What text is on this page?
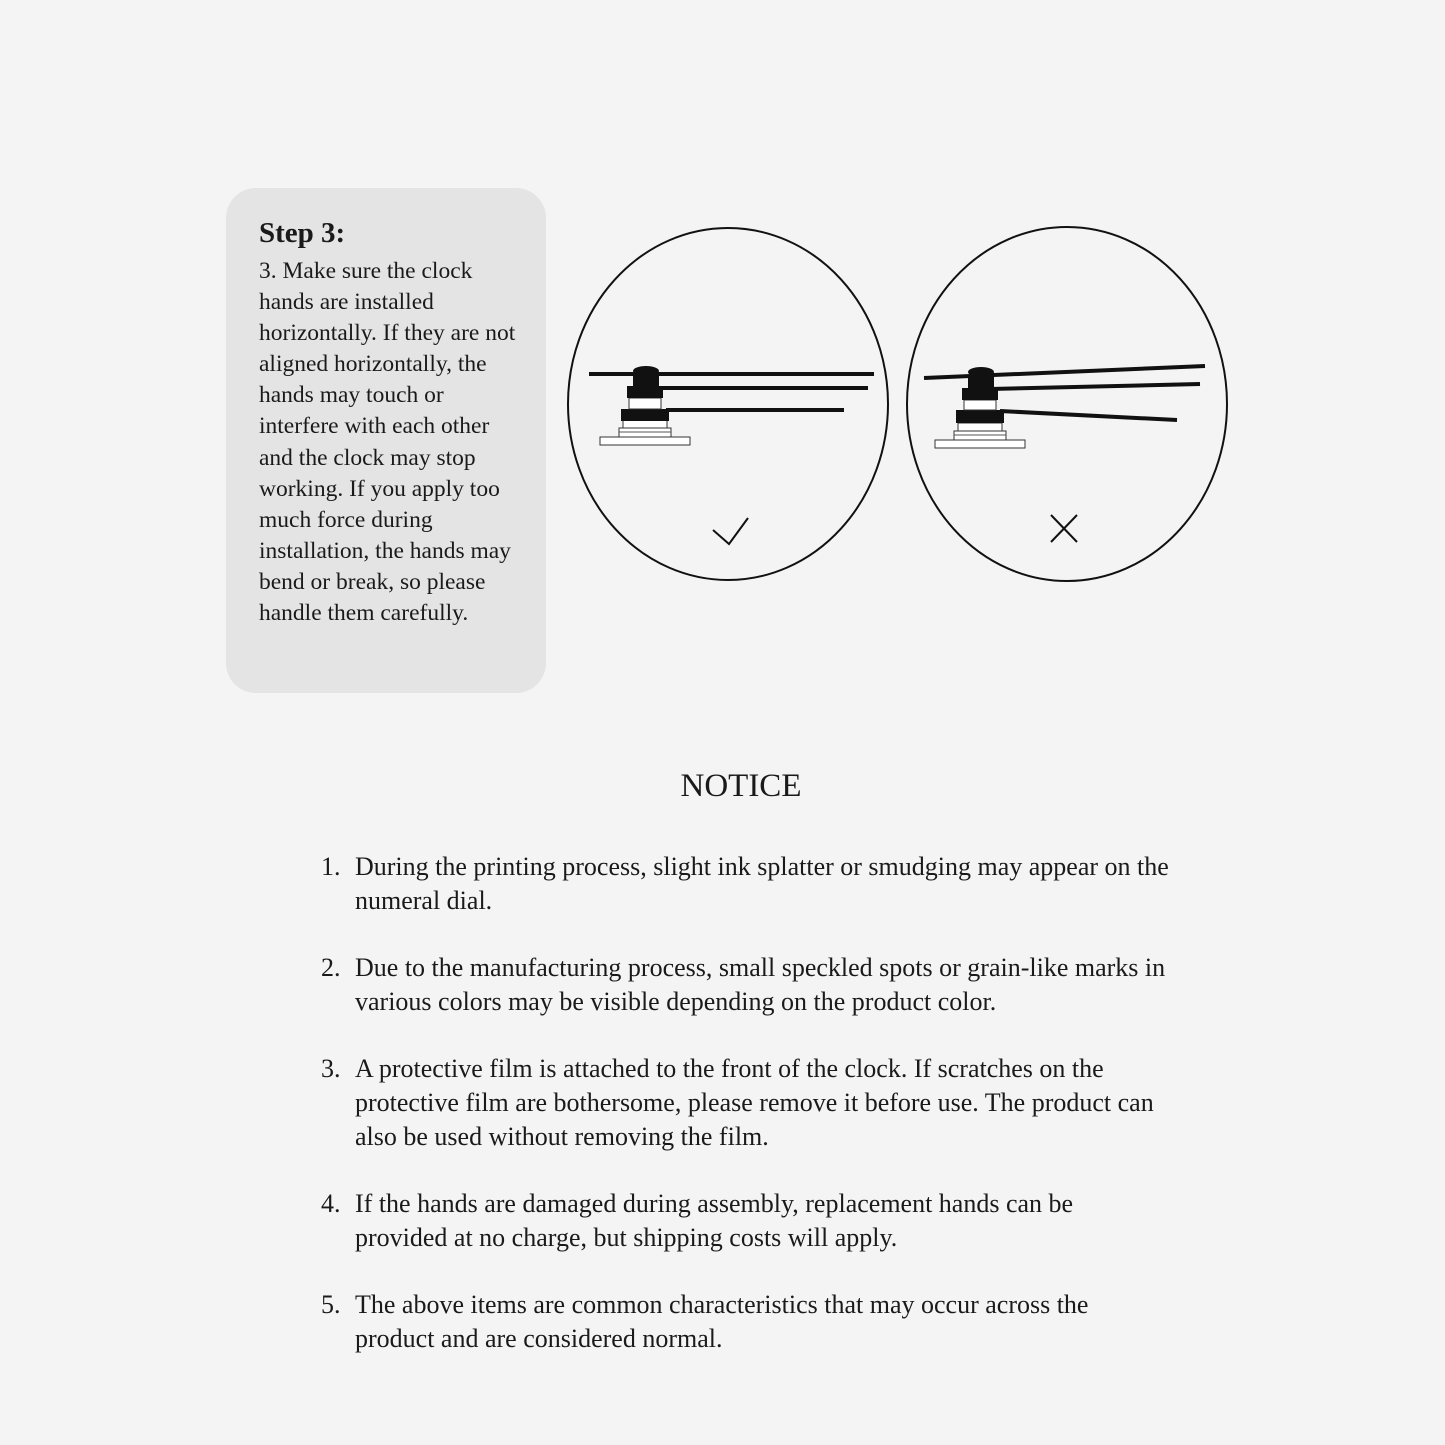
Step 3:

3. Make sure the clock hands are installed horizontally. If they are not aligned horizontally, the hands may touch or interfere with each other and the clock may stop working. If you apply too much force during installation, the hands may bend or break, so please handle them carefully.

NOTICE
1. During the printing process, slight ink splatter or smudging may appear on the numeral dial.
2. Due to the manufacturing process, small speckled spots or grain-like marks in various colors may be visible depending on the product color.
3. A protective film is attached to the front of the clock. If scratches on the protective film are bothersome, please remove it before use. The product can also be used without removing the film.
4. If the hands are damaged during assembly, replacement hands can be provided at no charge, but shipping costs will apply.
5. The above items are common characteristics that may occur across the product and are considered normal.
